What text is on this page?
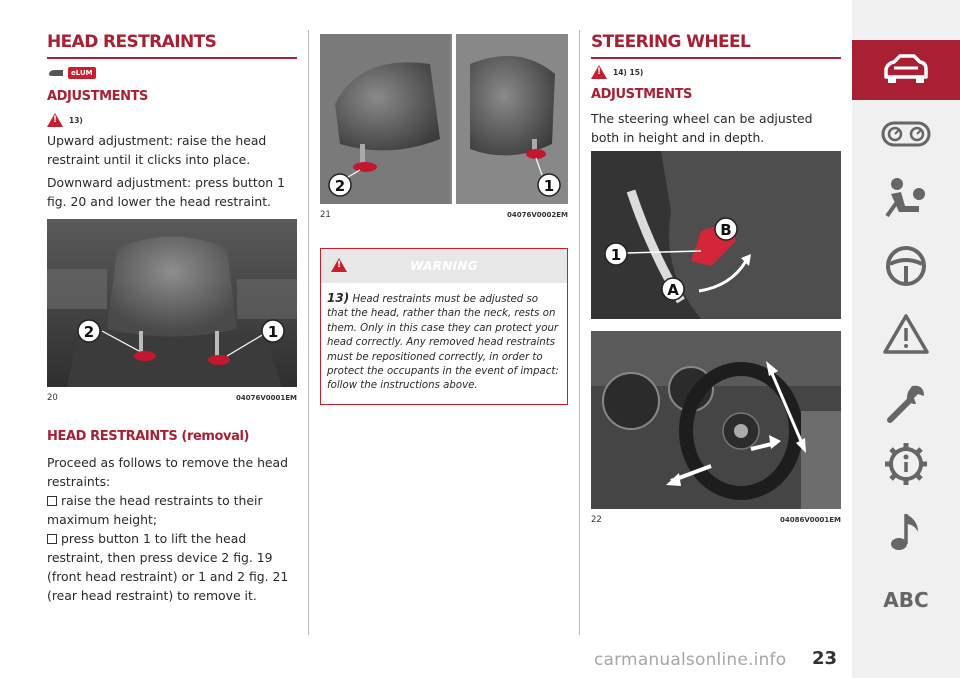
HEAD RESTRAINTS
eLUM
ADJUSTMENTS
!
13)

Upward adjustment: raise the head restraint until it clicks into place.

Downward adjustment: press button 1 fig. 20 and lower the head restraint.

2	1
20	04076V0001EM
HEAD RESTRAINTS (removal)

Proceed as follows to remove the head restraints:

raise the head restraints to their maximum height;
press button 1 to lift the head restraint, then press device 2 fig. 19 (front head restraint) or 1 and 2 fig. 21 (rear head restraint) to remove it.
2	1
21	04076V0002EM
!
WARNING
13) Head restraints must be adjusted so that the head, rather than the neck, rests on them. Only in this case they can protect your head correctly. Any removed head restraints must be repositioned correctly, in order to protect the occupants in the event of impact: follow the instructions above.
STEERING WHEEL
!
14) 15)
ADJUSTMENTS

The steering wheel can be adjusted both in height and in depth.

1
B
A
22	04086V0001EM
ABC
carmanualsonline.info 23
